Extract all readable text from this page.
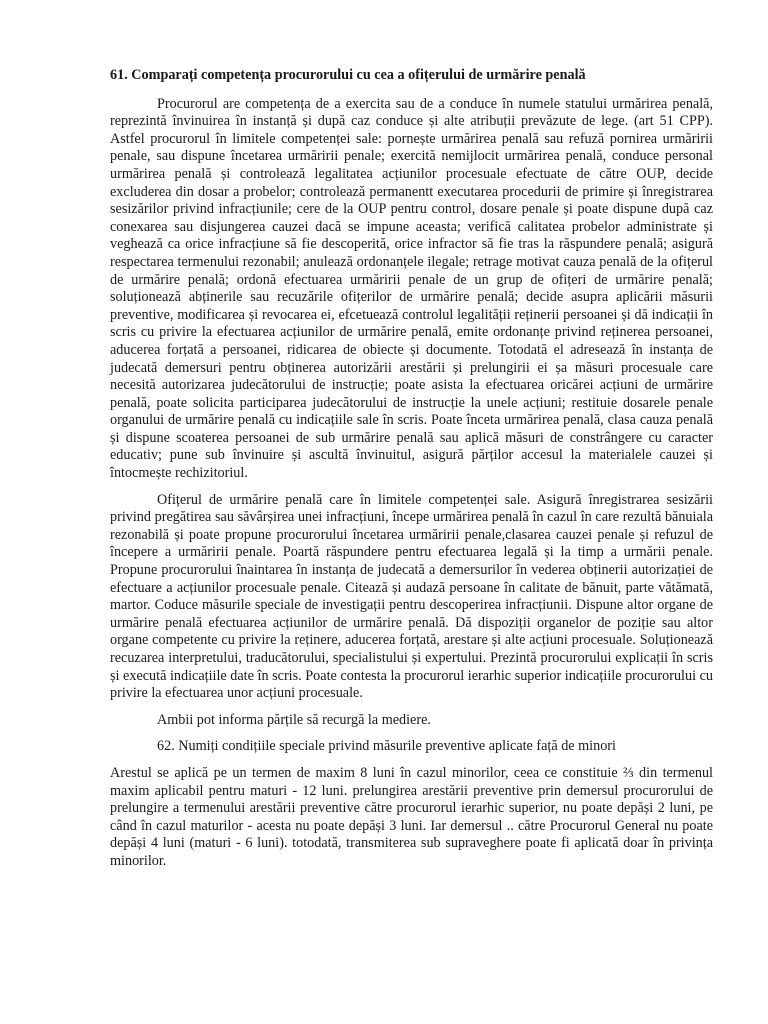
61. Comparați competența procurorului cu cea a ofițerului de urmărire penală

Procurorul are competența de a exercita sau de a conduce în numele statului urmărirea penală, reprezintă învinuirea în instanță și după caz conduce și alte atribuții prevăzute de lege. (art 51 CPP). Astfel procurorul în limitele competenței sale: pornește urmărirea penală sau refuză pornirea urmăririi penale, sau dispune încetarea urmăririi penale; exercită nemijlocit urmărirea penală, conduce personal urmărirea penală și controlează legalitatea acțiunilor procesuale efectuate de către OUP, decide excluderea din dosar a probelor; controlează permanentt executarea procedurii de primire și înregistrarea sesizărilor privind infracțiunile; cere de la OUP pentru control, dosare penale și poate dispune după caz conexarea sau disjungerea cauzei dacă se impune aceasta; verifică calitatea probelor administrate și veghează ca orice infracțiune să fie descoperită, orice infractor să fie tras la răspundere penală; asigură respectarea termenului rezonabil; anulează ordonanțele ilegale; retrage motivat cauza penală de la ofițerul de urmărire penală; ordonă efectuarea urmăririi penale de un grup de ofițeri de urmărire penală; soluționează abținerile sau recuzările ofițerilor de urmărire penală; decide asupra aplicării măsurii preventive, modificarea și revocarea ei, efcetuează controlul legalității reținerii persoanei și dă indicații în scris cu privire la efectuarea acțiunilor de urmărire penală, emite ordonanțe privind reținerea persoanei, aducerea forțată a persoanei, ridicarea de obiecte și documente. Totodată el adresează în instanța de judecată demersuri pentru obținerea autorizării arestării și prelungirii ei șa măsuri procesuale care necesită autorizarea judecătorului de instrucție; poate asista la efectuarea oricărei acțiuni de urmărire penală, poate solicita participarea judecătorului de instrucție la unele acțiuni; restituie dosarele penale organului de urmărire penală cu indicațiile sale în scris. Poate înceta urmărirea penală, clasa cauza penală și dispune scoaterea persoanei de sub urmărire penală sau aplică măsuri de constrângere cu caracter educativ; pune sub învinuire și ascultă învinuitul, asigură părților accesul la materialele cauzei și întocmește rechizitoriul.

Ofițerul de urmărire penală care în limitele competenței sale. Asigură înregistrarea sesizării privind pregătirea sau săvârșirea unei infracțiuni, începe urmărirea penală în cazul în care rezultă bănuiala rezonabilă și poate propune procurorului încetarea urmăririi penale,clasarea cauzei penale și refuzul de începere a urmăririi penale. Poartă răspundere pentru efectuarea legală și la timp a urmării penale. Propune procurorului înaintarea în instanța de judecată a demersurilor în vederea obținerii autorizației de efectuare a acțiunilor procesuale penale. Citează și audază persoane în calitate de bănuit, parte vătămată, martor. Coduce măsurile speciale de investigații pentru descoperirea infracțiunii. Dispune altor organe de urmărire penală efectuarea acțiunilor de urmărire penală. Dă dispoziții organelor de poziție sau altor organe competente cu privire la reținere, aducerea forțată, arestare și alte acțiuni procesuale. Soluționează recuzarea interpretului, traducătorului, specialistului și expertului. Prezintă procurorului explicații în scris și execută indicațiile date în scris. Poate contesta la procurorul ierarhic superior indicațiile procurorului cu privire la efectuarea unor acțiuni procesuale.

Ambii pot informa părțile să recurgă la mediere.

62. Numiți condițiile speciale privind măsurile preventive aplicate față de minori

Arestul se aplică pe un termen de maxim 8 luni în cazul minorilor, ceea ce constituie ⅔ din termenul maxim aplicabil pentru maturi - 12 luni. prelungirea arestării preventive prin demersul procurorului de prelungire a termenului arestării preventive către procurorul ierarhic superior, nu poate depăși 2 luni, pe când în cazul maturilor - acesta nu poate depăși 3 luni. Iar demersul .. către Procurorul General nu poate depăși 4 luni (maturi - 6 luni). totodată, transmiterea sub supraveghere poate fi aplicată doar în privința minorilor.
